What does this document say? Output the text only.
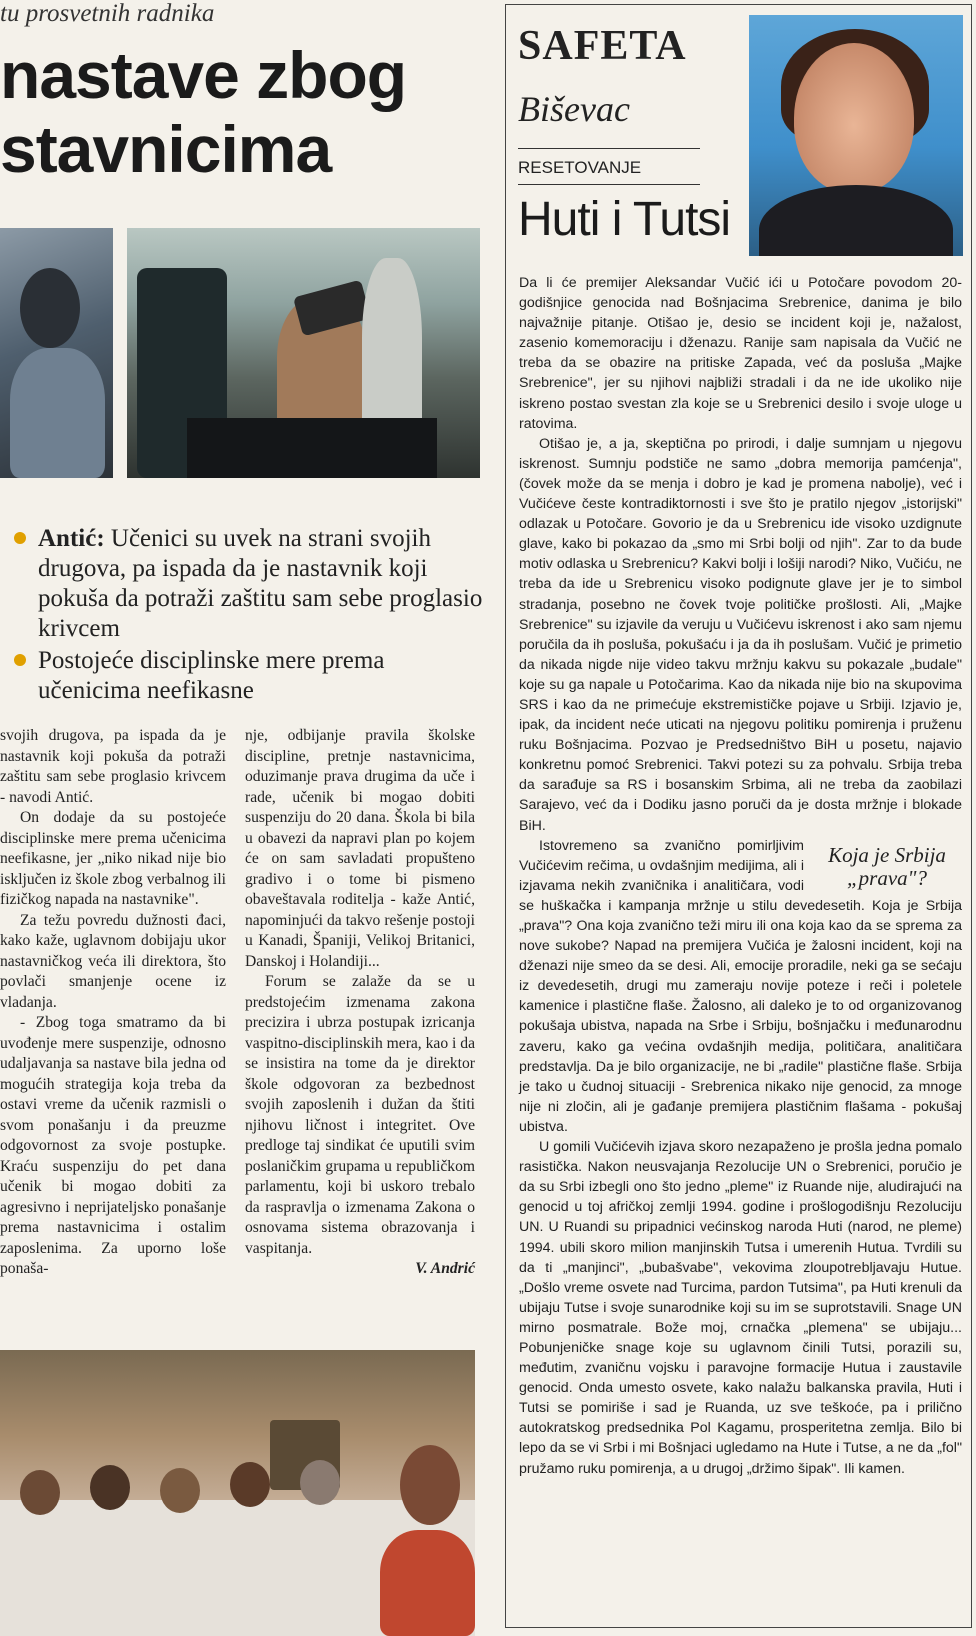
tu prosvetnih radnika
nastave zbog
stavnicima
Antić: Učenici su uvek na strani svojih drugova, pa ispada da je nastavnik koji pokuša da potraži zaštitu sam sebe proglasio krivcem
Postojeće disciplinske mere prema učenicima neefikasne

svojih drugova, pa ispada da je nastavnik koji pokuša da potraži zaštitu sam sebe proglasio krivcem - navodi Antić.

On dodaje da su postojeće disciplinske mere prema učenicima neefikasne, jer „niko nikad nije bio isključen iz škole zbog verbalnog ili fizičkog napada na nastavnike".

Za težu povredu dužnosti đaci, kako kaže, uglavnom dobijaju ukor nastavničkog veća ili direktora, što povlači smanjenje ocene iz vladanja.

- Zbog toga smatramo da bi uvođenje mere suspenzije, odnosno udaljavanja sa nastave bila jedna od mogućih strategija koja treba da ostavi vreme da učenik razmisli o svom ponašanju i da preuzme odgovornost za svoje postupke. Kraću suspenziju do pet dana učenik bi mogao dobiti za agresivno i neprijateljsko ponašanje prema nastavnicima i ostalim zaposlenima. Za uporno loše ponaša-

nje, odbijanje pravila školske discipline, pretnje nastavnicima, oduzimanje prava drugima da uče i rade, učenik bi mogao dobiti suspenziju do 20 dana. Škola bi bila u obavezi da napravi plan po kojem će on sam savladati propušteno gradivo i o tome bi pismeno obaveštavala roditelja - kaže Antić, napominjući da takvo rešenje postoji u Kanadi, Španiji, Velikoj Britanici, Danskoj i Holandiji...

Forum se zalaže da se u predstojećim izmenama zakona precizira i ubrza postupak izricanja vaspitno-disciplinskih mera, kao i da se insistira na tome da je direktor škole odgovoran za bezbednost svojih zaposlenih i dužan da štiti njihovu ličnost i integritet. Ove predloge taj sindikat će uputili svim poslaničkim grupama u republičkom parlamentu, koji bi uskoro trebalo da raspravlja o izmenama Zakona o osnovama sistema obrazovanja i vaspitanja.

V. Andrić
SAFETA
Biševac
RESETOVANJE
Huti i Tutsi

Da li će premijer Aleksandar Vučić ići u Potočare povodom 20-godišnjice genocida nad Bošnjacima Srebrenice, danima je bilo najvažnije pitanje. Otišao je, desio se incident koji je, nažalost, zasenio komemoraciju i dženazu. Ranije sam napisala da Vučić ne treba da se obazire na pritiske Zapada, već da posluša „Majke Srebrenice", jer su njihovi najbliži stradali i da ne ide ukoliko nije iskreno postao svestan zla koje se u Srebrenici desilo i svoje uloge u ratovima.

Otišao je, a ja, skeptična po prirodi, i dalje sumnjam u njegovu iskrenost. Sumnju podstiče ne samo „dobra memorija pamćenja", (čovek može da se menja i dobro je kad je promena nabolje), već i Vučićeve česte kontradiktornosti i sve što je pratilo njegov „istorijski" odlazak u Potočare. Govorio je da u Srebrenicu ide visoko uzdignute glave, kako bi pokazao da „smo mi Srbi bolji od njih". Zar to da bude motiv odlaska u Srebrenicu? Kakvi bolji i lošiji narodi? Niko, Vučiću, ne treba da ide u Srebrenicu visoko podignute glave jer je to simbol stradanja, posebno ne čovek tvoje političke prošlosti. Ali, „Majke Srebrenice" su izjavile da veruju u Vučićevu iskrenost i ako sam njemu poručila da ih posluša, pokušaću i ja da ih poslušam. Vučić je primetio da nikada nigde nije video takvu mržnju kakvu su pokazale „budale" koje su ga napale u Potočarima. Kao da nikada nije bio na skupovima SRS i kao da ne primećuje ekstremističke pojave u Srbiji. Izjavio je, ipak, da incident neće uticati na njegovu politiku pomirenja i pruženu ruku Bošnjacima. Pozvao je Predsedništvo BiH u posetu, najavio konkretnu pomoć Srebrenici. Takvi potezi su za pohvalu. Srbija treba da sarađuje sa RS i bosanskim Srbima, ali ne treba da zaobilazi Sarajevo, već da i Dodiku jasno poruči da je dosta mržnje i blokade BiH.

Koja je Srbija „prava"?

Istovremeno sa zvanično pomirljivim Vučićevim rečima, u ovdašnjim medijima, ali i izjavama nekih zvaničnika i analitičara, vodi se huškačka i kampanja mržnje u stilu devedesetih. Koja je Srbija „prava"? Ona koja zvanično teži miru ili ona koja kao da se sprema za nove sukobe? Napad na premijera Vučića je žalosni incident, koji na dženazi nije smeo da se desi. Ali, emocije proradile, neki ga se sećaju iz devedesetih, drugi mu zameraju novije poteze i reči i poletele kamenice i plastične flaše. Žalosno, ali daleko je to od organizovanog pokušaja ubistva, napada na Srbe i Srbiju, bošnjačku i međunarodnu zaveru, kako ga većina ovdašnjih medija, političara, analitičara predstavlja. Da je bilo organizacije, ne bi „radile" plastične flaše. Srbija je tako u čudnoj situaciji - Srebrenica nikako nije genocid, za mnoge nije ni zločin, ali je gađanje premijera plastičnim flašama - pokušaj ubistva.

U gomili Vučićevih izjava skoro nezapaženo je prošla jedna pomalo rasistička. Nakon neusvajanja Rezolucije UN o Srebrenici, poručio je da su Srbi izbegli ono što jedno „pleme" iz Ruande nije, aludirajući na genocid u toj afričkoj zemlji 1994. godine i prošlogodišnju Rezoluciju UN. U Ruandi su pripadnici većinskog naroda Huti (narod, ne pleme) 1994. ubili skoro milion manjinskih Tutsa i umerenih Hutua. Tvrdili su da ti „manjinci", „bubašvabe", vekovima zloupotrebljavaju Hutue. „Došlo vreme osvete nad Turcima, pardon Tutsima", pa Huti krenuli da ubijaju Tutse i svoje sunarodnike koji su im se suprotstavili. Snage UN mirno posmatrale. Bože moj, crnačka „plemena" se ubijaju... Pobunjeničke snage koje su uglavnom činili Tutsi, porazili su, međutim, zvaničnu vojsku i paravojne formacije Hutua i zaustavile genocid. Onda umesto osvete, kako nalažu balkanska pravila, Huti i Tutsi se pomiriše i sad je Ruanda, uz sve teškoće, pa i prilično autokratskog predsednika Pol Kagamu, prosperitetna zemlja. Bilo bi lepo da se vi Srbi i mi Bošnjaci ugledamo na Hute i Tutse, a ne da „fol" pružamo ruku pomirenja, a u drugoj „držimo šipak". Ili kamen.
